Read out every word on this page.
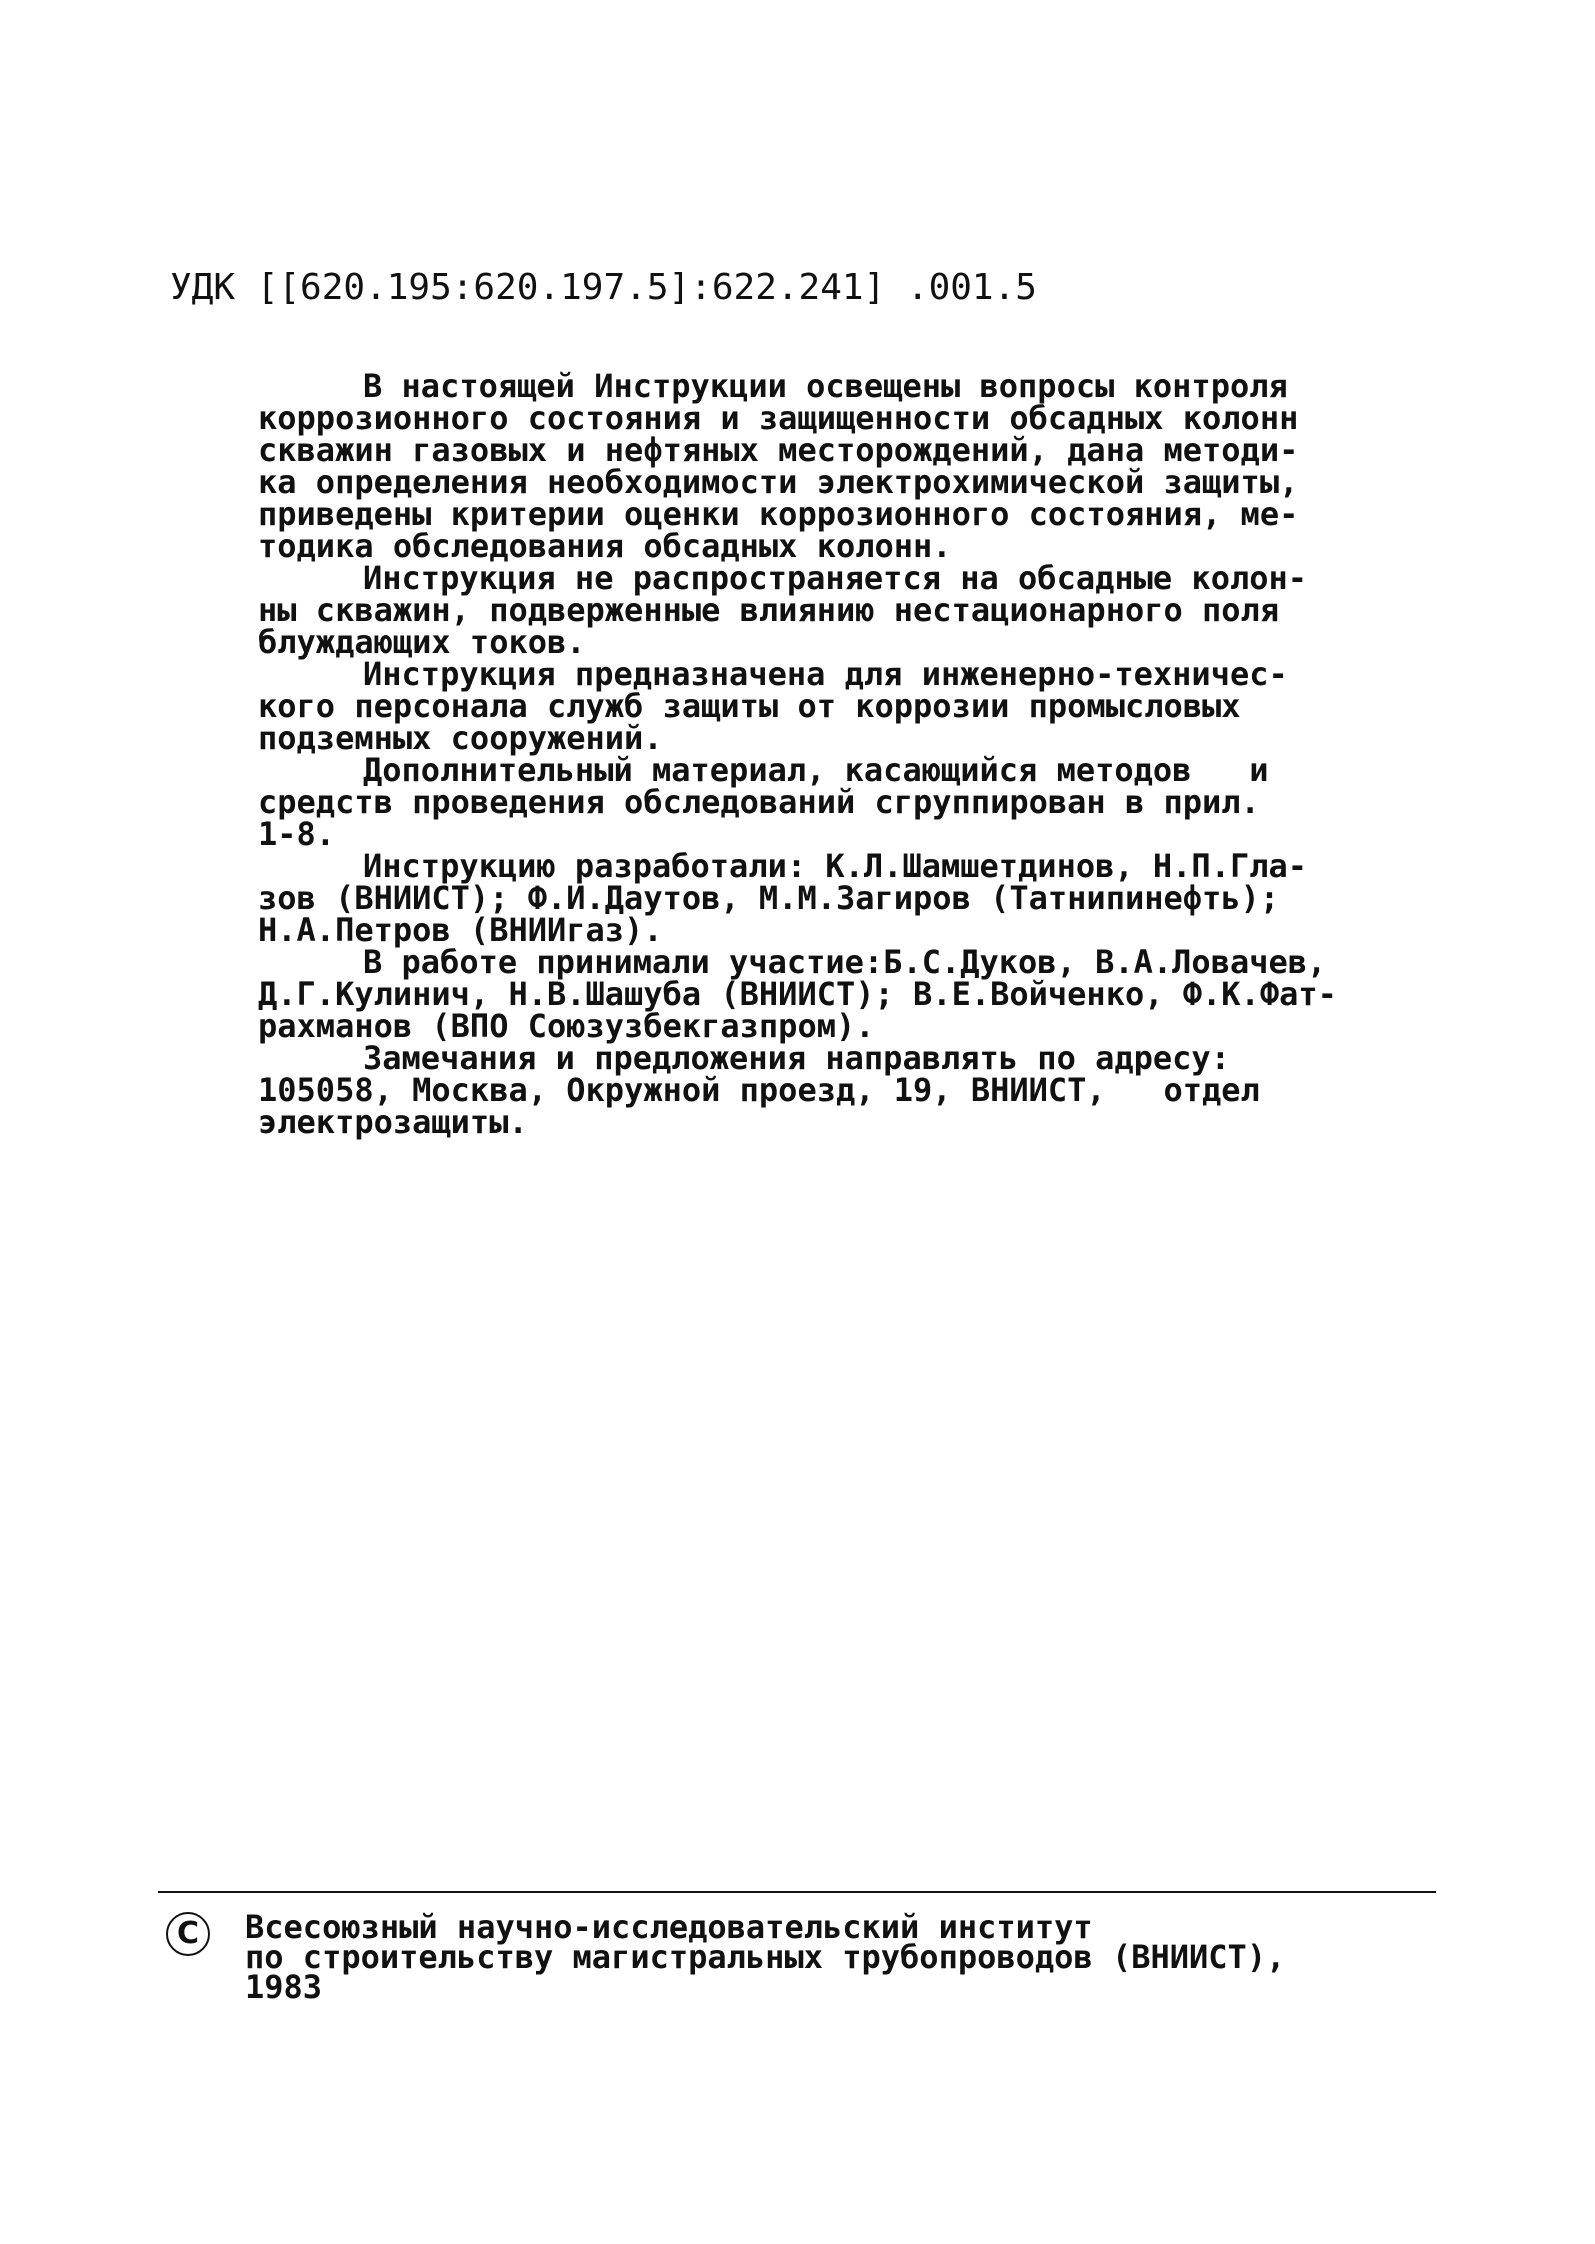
УДК [[620.195:620.197.5]:622.241] .001.5
В настоящей Инструкции освещены вопросы контроля
коррозионного состояния и защищенности обсадных колонн
скважин газовых и нефтяных месторождений, дана методи-
ка определения необходимости электрохимической защиты,
приведены критерии оценки коррозионного состояния, ме-
тодика обследования обсадных колонн.
Инструкция не распространяется на обсадные колон-
ны скважин, подверженные влиянию нестационарного поля
блуждающих токов.
Инструкция предназначена для инженерно-техничес-
кого персонала служб защиты от коррозии промысловых
подземных сооружений.
Дополнительный материал, касающийся методов   и
средств проведения обследований сгруппирован в прил.
1-8.
Инструкцию разработали: К.Л.Шамшетдинов, Н.П.Гла-
зов (ВНИИСТ); Ф.И.Даутов, М.М.Загиров (Татнипинефть);
Н.А.Петров (ВНИИгаз).
В работе принимали участие:Б.С.Дуков, В.А.Ловачев,
Д.Г.Кулинич, Н.В.Шашуба (ВНИИСТ); В.Е.Войченко, Ф.К.Фат-
рахманов (ВПО Союзузбекгазпром).
Замечания и предложения направлять по адресу:
105058, Москва, Окружной проезд, 19, ВНИИСТ,   отдел
электрозащиты.
С	Всесоюзный научно-исследовательский институт
по строительству магистральных трубопроводов (ВНИИСТ),
1983
